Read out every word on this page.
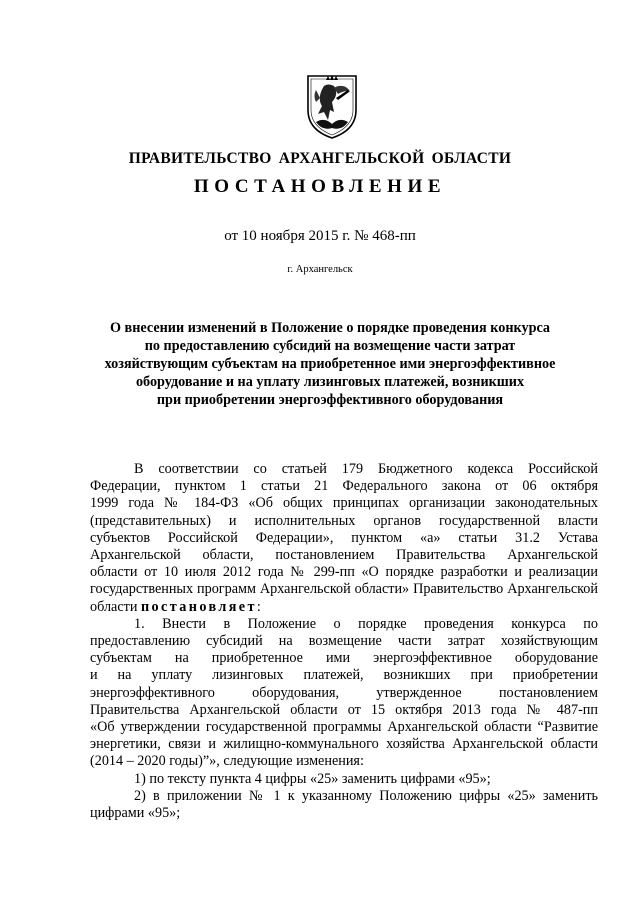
ПРАВИТЕЛЬСТВО АРХАНГЕЛЬСКОЙ ОБЛАСТИ
ПОСТАНОВЛЕНИЕ
от 10 ноября 2015 г. № 468-пп
г. Архангельск
О внесении изменений в Положение о порядке проведения конкурса
по предоставлению субсидий на возмещение части затрат
хозяйствующим субъектам на приобретенное ими энергоэффективное
оборудование и на уплату лизинговых платежей, возникших
при приобретении энергоэффективного оборудования
В соответствии со статьей 179 Бюджетного кодекса Российской
Федерации, пунктом 1 статьи 21 Федерального закона от 06 октября
1999 года № 184-ФЗ «Об общих принципах организации законодательных
(представительных) и исполнительных органов государственной власти
субъектов Российской Федерации», пунктом «а» статьи 31.2 Устава
Архангельской области, постановлением Правительства Архангельской
области от 10 июля 2012 года № 299-пп «О порядке разработки и реализации
государственных программ Архангельской области» Правительство Архангельской
области постановляет:
1. Внести в Положение о порядке проведения конкурса по
предоставлению субсидий на возмещение части затрат хозяйствующим
субъектам на приобретенное ими энергоэффективное оборудование
и на уплату лизинговых платежей, возникших при приобретении
энергоэффективного оборудования, утвержденное постановлением
Правительства Архангельской области от 15 октября 2013 года № 487-пп
«Об утверждении государственной программы Архангельской области “Развитие
энергетики, связи и жилищно-коммунального хозяйства Архангельской области
(2014 – 2020 годы)”», следующие изменения:
1) по тексту пункта 4 цифры «25» заменить цифрами «95»;
2) в приложении № 1 к указанному Положению цифры «25» заменить
цифрами «95»;
